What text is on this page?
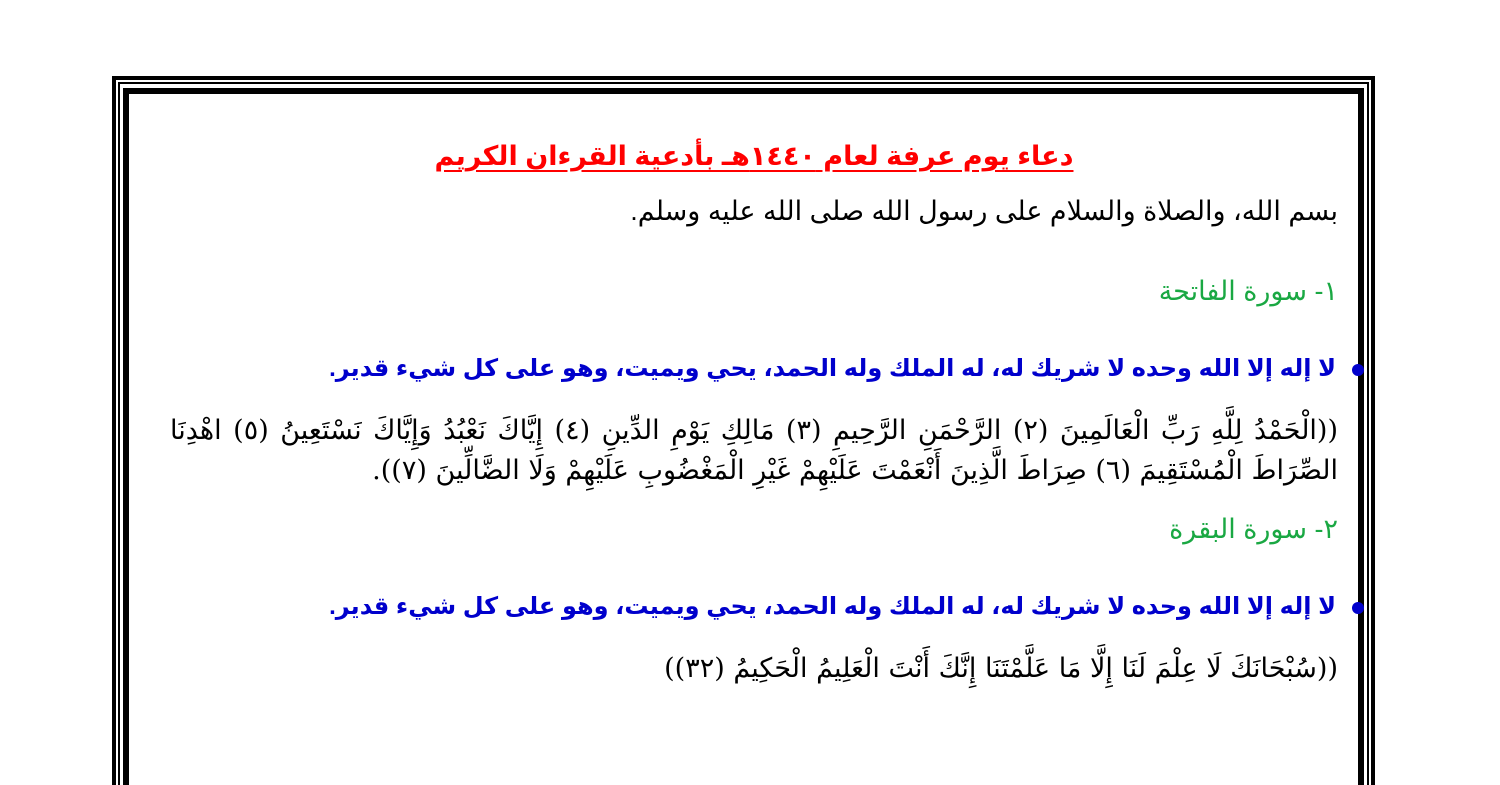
دعاء يوم عرفة لعام ١٤٤٠هـ بأدعية القرءان الكريم
بسم الله، والصلاة والسلام على رسول الله صلى الله عليه وسلم.
١- سورة الفاتحة
لا إله إلا الله وحده لا شريك له، له الملك وله الحمد، يحي ويميت، وهو على كل شيء قدير.
((الْحَمْدُ لِلَّهِ رَبِّ الْعَالَمِينَ (٢) الرَّحْمَنِ الرَّحِيمِ (٣) مَالِكِ يَوْمِ الدِّينِ (٤) إِيَّاكَ نَعْبُدُ وَإِيَّاكَ نَسْتَعِينُ (٥) اهْدِنَا الصِّرَاطَ الْمُسْتَقِيمَ (٦) صِرَاطَ الَّذِينَ أَنْعَمْتَ عَلَيْهِمْ غَيْرِ الْمَغْضُوبِ عَلَيْهِمْ وَلَا الضَّالِّينَ (٧)).
٢- سورة البقرة
لا إله إلا الله وحده لا شريك له، له الملك وله الحمد، يحي ويميت، وهو على كل شيء قدير.
((سُبْحَانَكَ لَا عِلْمَ لَنَا إِلَّا مَا عَلَّمْتَنَا إِنَّكَ أَنْتَ الْعَلِيمُ الْحَكِيمُ (٣٢))
